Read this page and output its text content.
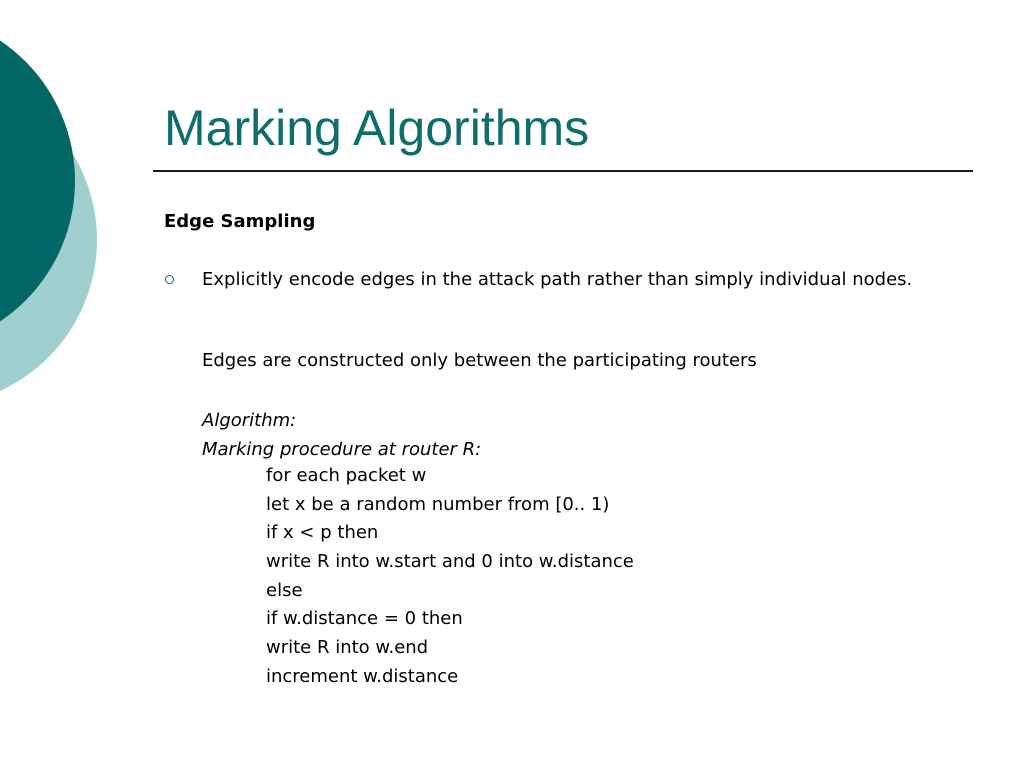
Marking Algorithms
Edge Sampling
Explicitly encode edges in the attack path rather than simply individual nodes.
Edges are constructed only between the participating routers
Algorithm:
Marking procedure at router R:
for each packet w
let x be a random number from [0.. 1)
if x < p then
write R into w.start and 0 into w.distance
else
if w.distance = 0 then
write R into w.end
increment w.distance
